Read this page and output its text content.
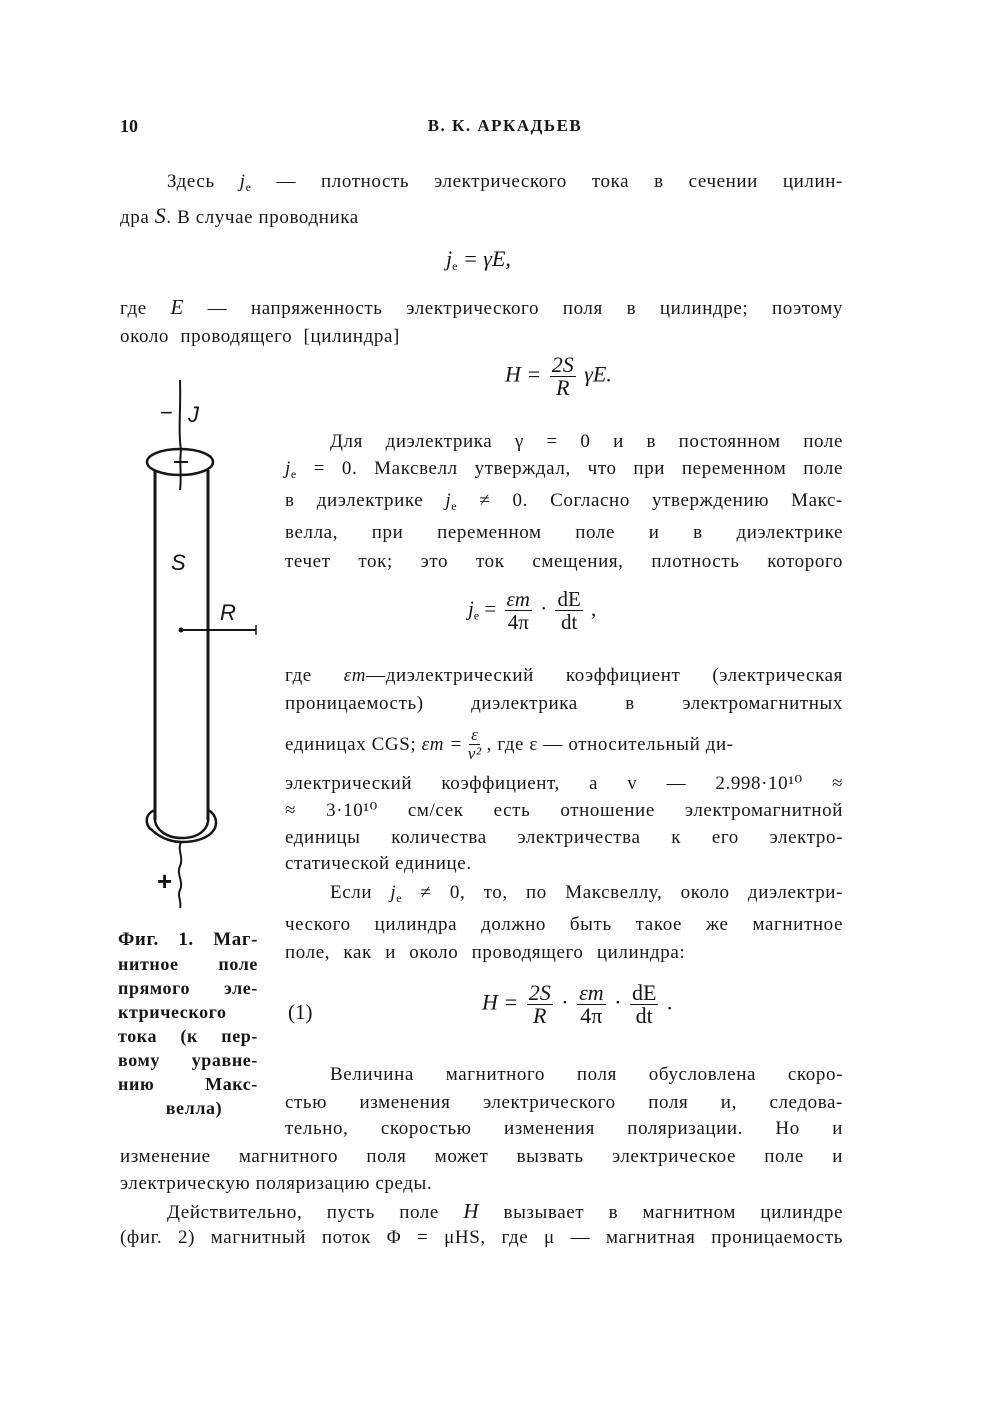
10	В. К. АРКАДЬЕВ
Здесь $j_e$ — плотность электрического тока в сечении цилин-
дра S. В случае проводника
$j_e = \gamma E$,
где E — напряженность электрического поля в цилиндре; поэтому
около проводящего [цилиндра]
$H = \frac{2S}{R} \gamma E$.
Для диэлектрика γ = 0 и в постоянном поле
$j_e = 0$. Максвелл утверждал, что при переменном поле
в диэлектрике $j_e \ne 0$. Согласно утверждению Макс-
велла, при переменном поле и в диэлектрике
течет ток; это ток смещения, плотность которого
$j_e = \frac{\varepsilon m}{4\pi} \cdot \frac{dE}{dt}$ ,
где εm—диэлектрический коэффициент (электрическая
проницаемость) диэлектрика в электромагнитных
единицах CGS;
$\varepsilon m = \frac{\varepsilon}{\text{v²}}$ , где ε — относительный ди-
электрический коэффициент, а v — 2.998·10¹⁰ ≈
≈ 3·10¹⁰ см/сек есть отношение электромагнитной
единицы количества электричества к его электро-
статической единице.
Если $j_e \ne 0$, то, по Максвеллу, около диэлектри-
ческого цилиндра должно быть такое же магнитное
поле, как и около проводящего цилиндра:
(1)	$H = \frac{2S}{R} \cdot \frac{\varepsilon m}{4\pi} \cdot \frac{dE}{dt}$ .
Величина магнитного поля обусловлена скоро-
стью изменения электрического поля и, следова-
тельно, скоростью изменения поляризации. Но и
изменение магнитного поля может вызвать электрическое поле и
электрическую поляризацию среды.
Действительно, пусть поле H вызывает в магнитном цилиндре
(фиг. 2) магнитный поток Φ = μHS, где μ — магнитная проницаемость
− J
S
R
+
Фиг. 1. Маг-
нитное поле
прямого эле-
ктрического
тока (к пер-
вому уравне-
нию Макс-
велла)
